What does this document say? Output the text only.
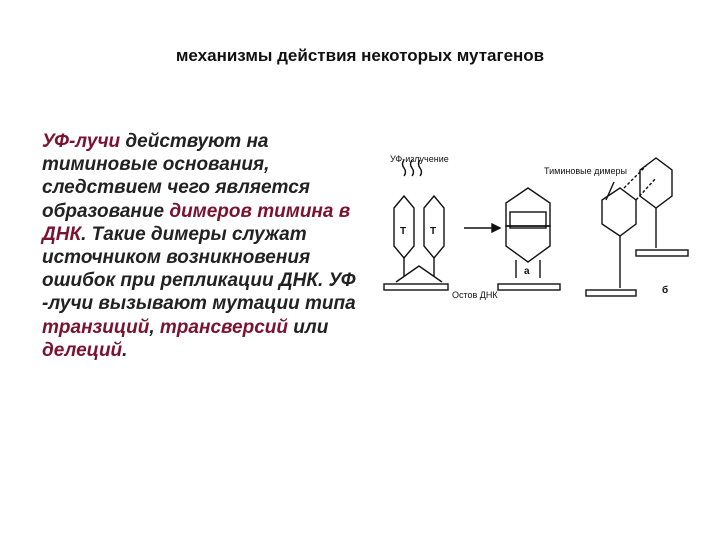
механизмы действия некоторых мутагенов
УФ-лучи действуют на тиминовые основания, следствием чего является образование димеров тимина в ДНК. Такие димеры служат источником возникновения ошибок при репликации ДНК. УФ -лучи вызывают мутации типа транзиций, трансверсий или делеций.
УФ-излучение
Тиминовые димеры
Остов ДНК
Т Т
а
б
